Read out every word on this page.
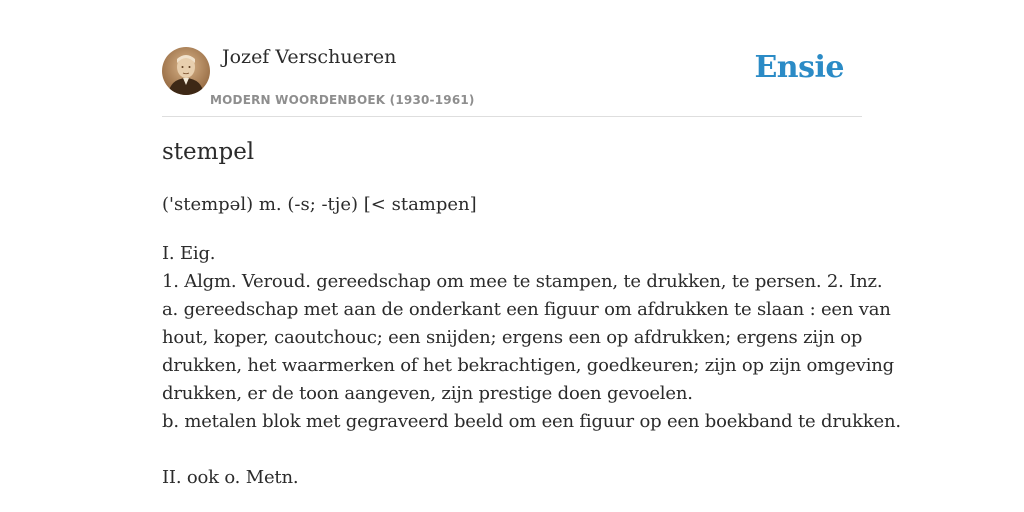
Jozef Verschueren
MODERN WOORDENBOEK (1930-1961)
Ensie
stempel
('stempəl) m. (-s; -tje) [< stampen]
I. Eig.
1. Algm. Veroud. gereedschap om mee te stampen, te drukken, te persen. 2. Inz.
a. gereedschap met aan de onderkant een figuur om afdrukken te slaan : een van
hout, koper, caoutchouc; een snijden; ergens een op afdrukken; ergens zijn op
drukken, het waarmerken of het bekrachtigen, goedkeuren; zijn op zijn omgeving
drukken, er de toon aangeven, zijn prestige doen gevoelen.
b. metalen blok met gegraveerd beeld om een figuur op een boekband te drukken.
II. ook o. Metn.
